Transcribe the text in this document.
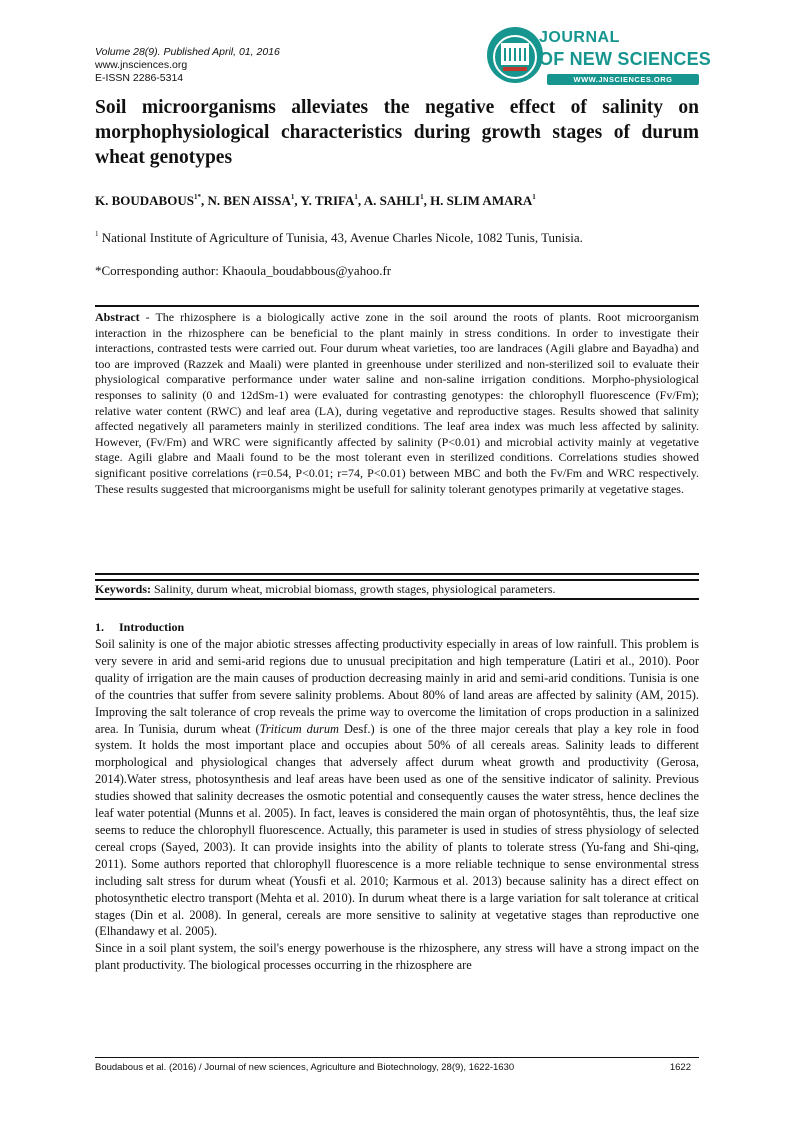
Volume 28(9). Published April, 01, 2016
www.jnsciences.org
E-ISSN 2286-5314
JOURNAL
OF NEW SCIENCES
WWW.JNSCIENCES.ORG
Soil microorganisms alleviates the negative effect of salinity on morphophysiological characteristics during growth stages of durum wheat genotypes
K. $BOUDABOUS^{1*}$, N. BEN AISSA$^1$, Y. TRIFA$^1$, A. SAHLI$^1$, H. SLIM AMARA$^1$
$^1$ National Institute of Agriculture of Tunisia, 43, Avenue Charles Nicole, 1082 Tunis, Tunisia.
*Corresponding author: Khaoula_boudabbous@yahoo.fr
Abstract - The rhizosphere is a biologically active zone in the soil around the roots of plants. Root microorganism interaction in the rhizosphere can be beneficial to the plant mainly in stress conditions. In order to investigate their interactions, contrasted tests were carried out. Four durum wheat varieties, too are landraces (Agili glabre and Bayadha) and too are improved (Razzek and Maali) were planted in greenhouse under sterilized and non-sterilized soil to evaluate their physiological comparative performance under water saline and non-saline irrigation conditions. Morpho-physiological responses to salinity (0 and 12dSm-1) were evaluated for contrasting genotypes: the chlorophyll fluorescence (Fv/Fm); relative water content (RWC) and leaf area (LA), during vegetative and reproductive stages. Results showed that salinity affected negatively all parameters mainly in sterilized conditions. The leaf area index was much less affected by salinity. However, (Fv/Fm) and WRC were significantly affected by salinity (P<0.01) and microbial activity mainly at vegetative stage. Agili glabre and Maali found to be the most tolerant even in sterilized conditions. Correlations studies showed significant positive correlations (r=0.54, P<0.01; r=74, P<0.01) between MBC and both the Fv/Fm and WRC respectively. These results suggested that microorganisms might be usefull for salinity tolerant genotypes primarily at vegetative stages.
Keywords: Salinity, durum wheat, microbial biomass, growth stages, physiological parameters.
1. Introduction

Soil salinity is one of the major abiotic stresses affecting productivity especially in areas of low rainfull. This problem is very severe in arid and semi-arid regions due to unusual precipitation and high temperature (Latiri et al., 2010). Poor quality of irrigation are the main causes of production decreasing mainly in arid and semi-arid conditions. Tunisia is one of the countries that suffer from severe salinity problems. About 80% of land areas are affected by salinity (AM, 2015). Improving the salt tolerance of crop reveals the prime way to overcome the limitation of crops production in a salinized area. In Tunisia, durum wheat (Triticum durum Desf.) is one of the three major cereals that play a key role in food system. It holds the most important place and occupies about 50% of all cereals areas. Salinity leads to different morphological and physiological changes that adversely affect durum wheat growth and productivity (Gerosa, 2014).Water stress, photosynthesis and leaf areas have been used as one of the sensitive indicator of salinity. Previous studies showed that salinity decreases the osmotic potential and consequently causes the water stress, hence declines the leaf water potential (Munns et al. 2005). In fact, leaves is considered the main organ of photosyntêhtis, thus, the leaf size seems to reduce the chlorophyll fluorescence. Actually, this parameter is used in studies of stress physiology of selected cereal crops (Sayed, 2003). It can provide insights into the ability of plants to tolerate stress (Yu-fang and Shi-qing, 2011). Some authors reported that chlorophyll fluorescence is a more reliable technique to sense environmental stress including salt stress for durum wheat (Yousfi et al. 2010; Karmous et al. 2013) because salinity has a direct effect on photosynthetic electro transport (Mehta et al. 2010). In durum wheat there is a large variation for salt tolerance at critical stages (Din et al. 2008). In general, cereals are more sensitive to salinity at vegetative stages than reproductive one (Elhandawy et al. 2005).

Since in a soil plant system, the soil's energy powerhouse is the rhizosphere, any stress will have a strong impact on the plant productivity. The biological processes occurring in the rhizosphere are

Boudabous et al. (2016) / Journal of new sciences, Agriculture and Biotechnology, 28(9), 1622-1630	1622
